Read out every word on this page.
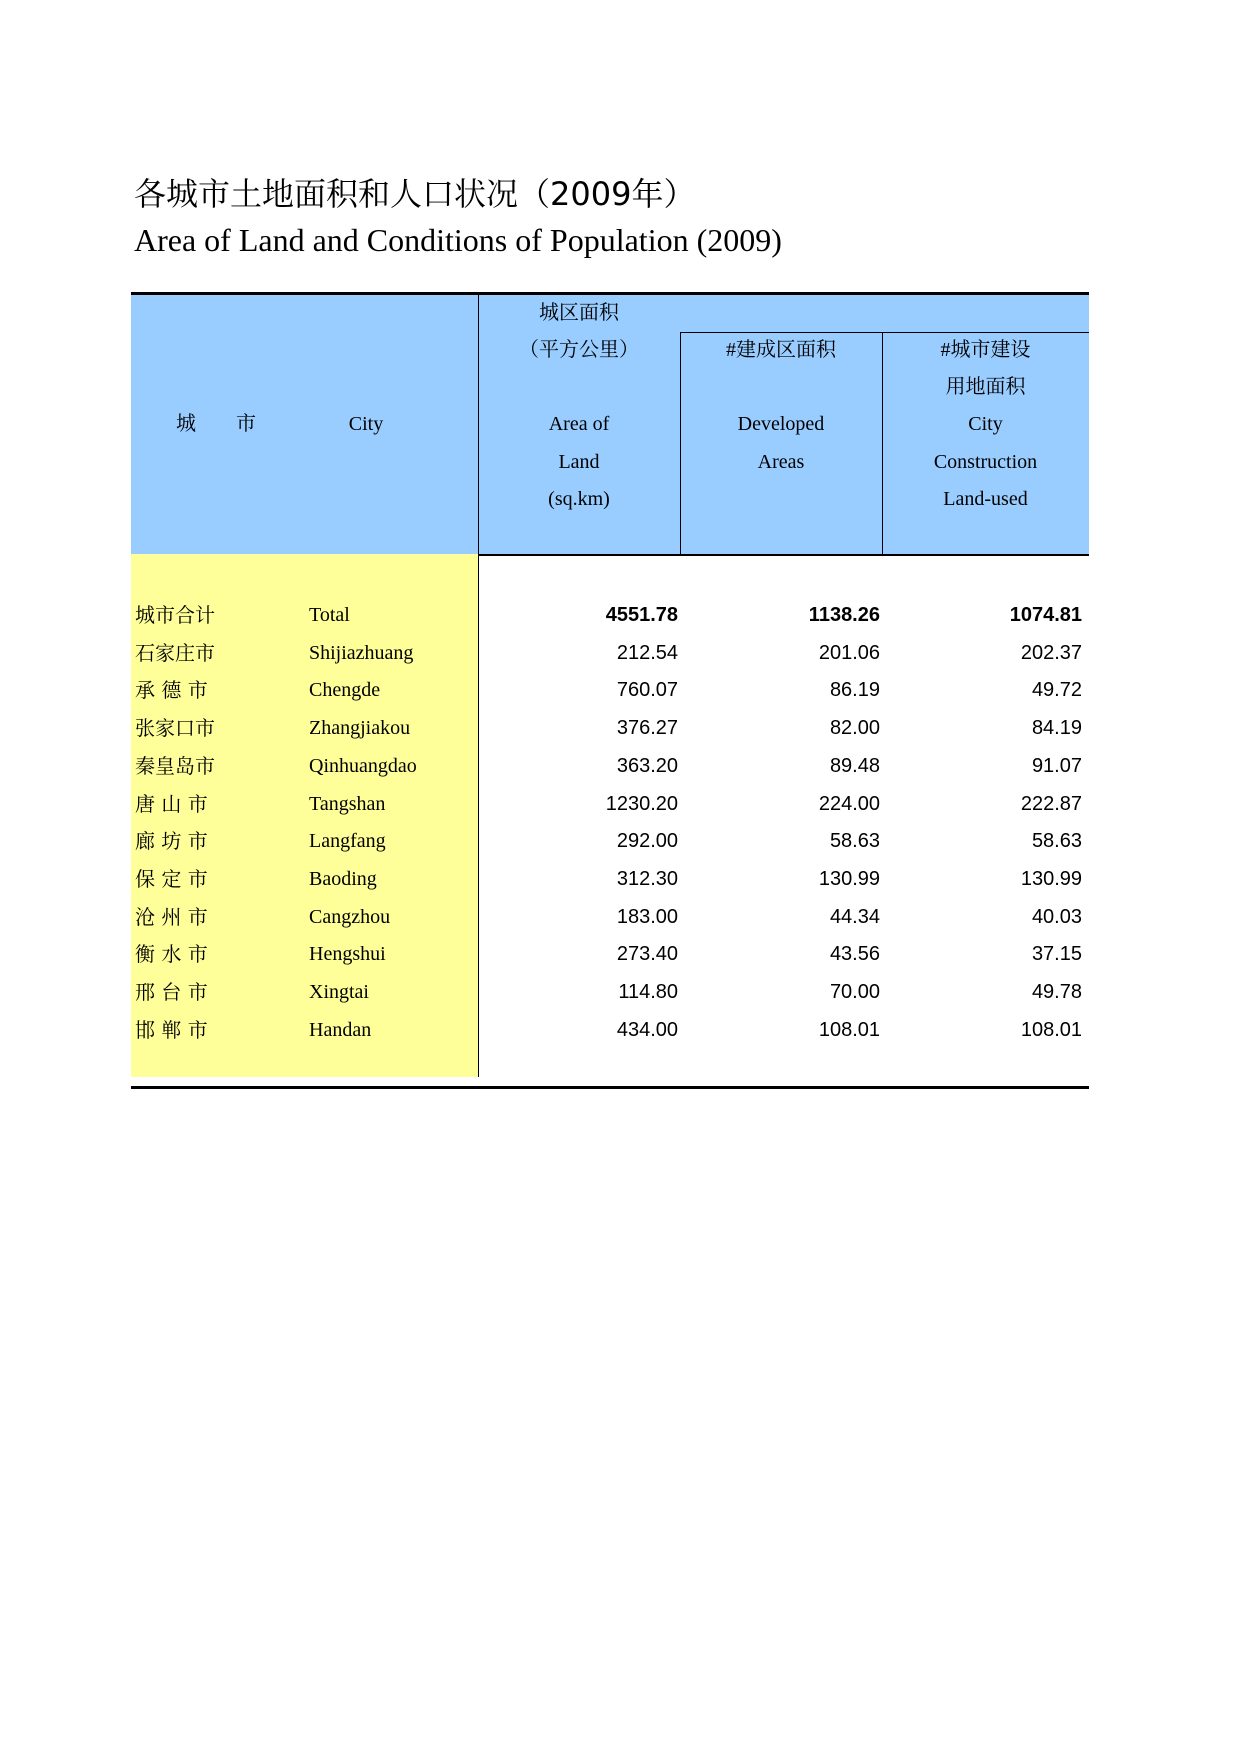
各城市土地面积和人口状况（2009年）
Area of Land and Conditions of Population (2009)
城　　市	City
城区面积
（平方公里）
Area of
Land
(sq.km)
#建成区面积
Developed
Areas
#城市建设
用地面积
City
Construction
Land-used
城市合计	Total	4551.78	1138.26	1074.81
石家庄市	Shijiazhuang	212.54	201.06	202.37
承 德 市	Chengde	760.07	86.19	49.72
张家口市	Zhangjiakou	376.27	82.00	84.19
秦皇岛市	Qinhuangdao	363.20	89.48	91.07
唐 山 市	Tangshan	1230.20	224.00	222.87
廊 坊 市	Langfang	292.00	58.63	58.63
保 定 市	Baoding	312.30	130.99	130.99
沧 州 市	Cangzhou	183.00	44.34	40.03
衡 水 市	Hengshui	273.40	43.56	37.15
邢 台 市	Xingtai	114.80	70.00	49.78
邯 郸 市	Handan	434.00	108.01	108.01
